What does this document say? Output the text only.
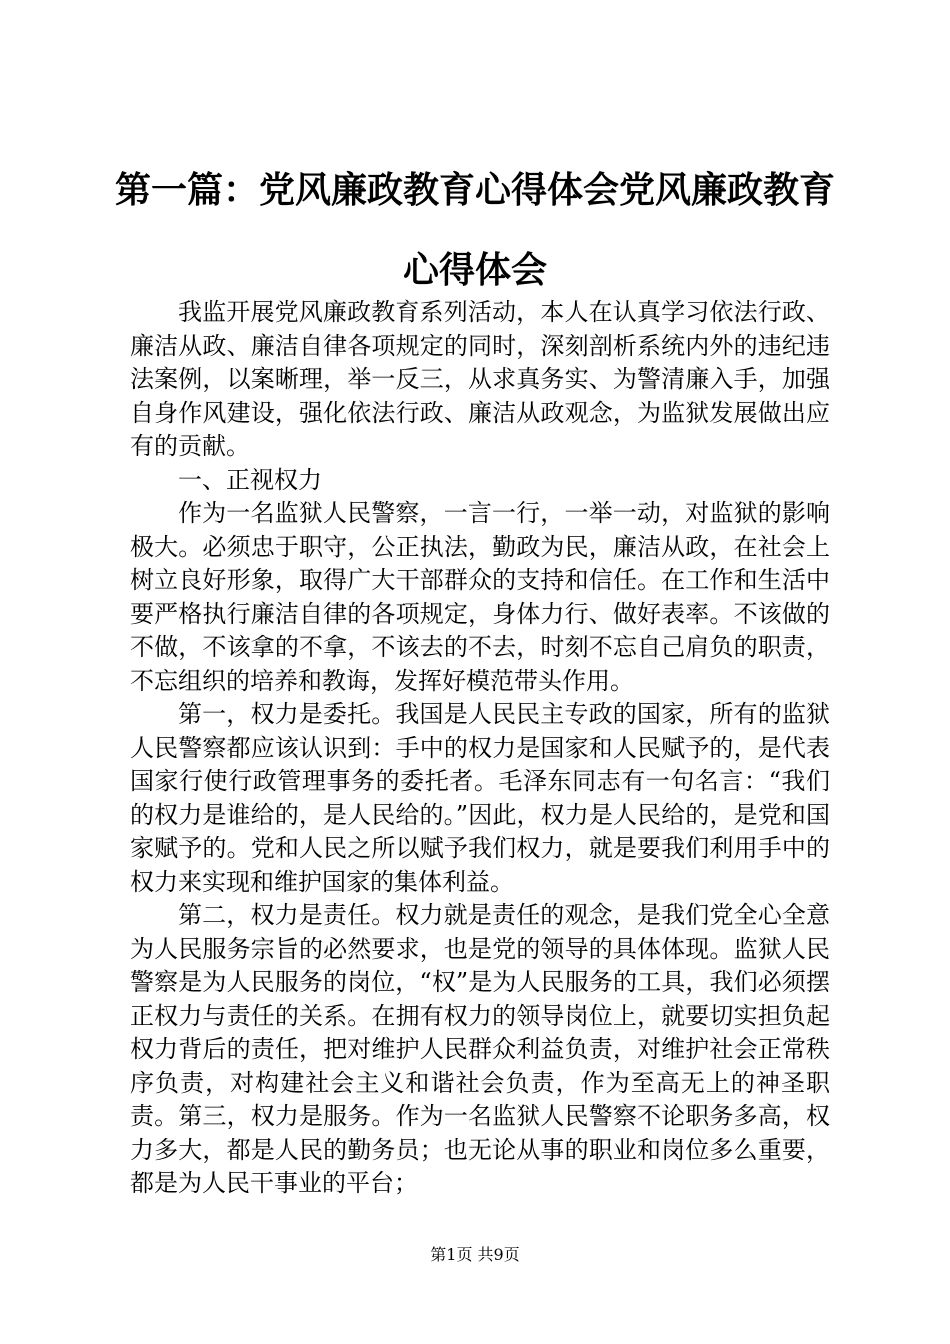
第一篇：党风廉政教育心得体会党风廉政教育
心得体会

我监开展党风廉政教育系列活动，本人在认真学习依法行政、廉洁从政、廉洁自律各项规定的同时，深刻剖析系统内外的违纪违法案例，以案晰理，举一反三，从求真务实、为警清廉入手，加强自身作风建设，强化依法行政、廉洁从政观念，为监狱发展做出应有的贡献。

一、正视权力

作为一名监狱人民警察，一言一行，一举一动，对监狱的影响极大。必须忠于职守，公正执法，勤政为民，廉洁从政，在社会上树立良好形象，取得广大干部群众的支持和信任。在工作和生活中要严格执行廉洁自律的各项规定，身体力行、做好表率。不该做的不做，不该拿的不拿，不该去的不去，时刻不忘自己肩负的职责，不忘组织的培养和教诲，发挥好模范带头作用。

第一，权力是委托。我国是人民民主专政的国家，所有的监狱人民警察都应该认识到：手中的权力是国家和人民赋予的，是代表国家行使行政管理事务的委托者。毛泽东同志有一句名言：“我们的权力是谁给的，是人民给的。”因此，权力是人民给的，是党和国家赋予的。党和人民之所以赋予我们权力，就是要我们利用手中的权力来实现和维护国家的集体利益。

第二，权力是责任。权力就是责任的观念，是我们党全心全意为人民服务宗旨的必然要求，也是党的领导的具体体现。监狱人民警察是为人民服务的岗位，“权”是为人民服务的工具，我们必须摆正权力与责任的关系。在拥有权力的领导岗位上，就要切实担负起权力背后的责任，把对维护人民群众利益负责，对维护社会正常秩序负责，对构建社会主义和谐社会负责，作为至高无上的神圣职责。第三，权力是服务。作为一名监狱人民警察不论职务多高，权力多大，都是人民的勤务员；也无论从事的职业和岗位多么重要，都是为人民干事业的平台；

第1页 共9页
